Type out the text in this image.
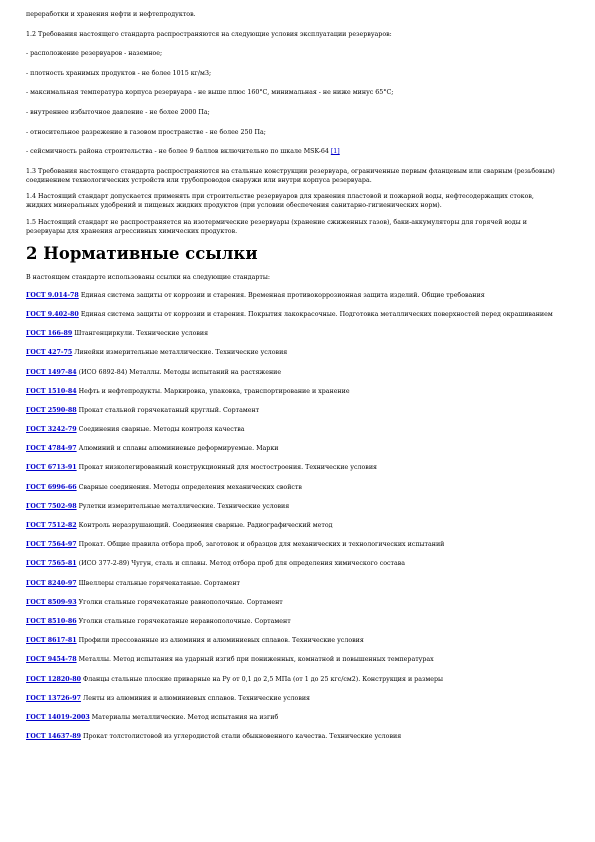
переработки и хранения нефти и нефтепродуктов.

1.2 Требования настоящего стандарта распространяются на следующие условия эксплуатации резервуаров:

- расположение резервуаров - наземное;

- плотность хранимых продуктов - не более 1015 кг/м3;

- максимальная температура корпуса резервуара - не выше плюс 160°С, минимальная - не ниже минус 65°С;

- внутреннее избыточное давление - не более 2000 Па;

- относительное разрежение в газовом пространстве - не более 250 Па;

- сейсмичность района строительства - не более 9 баллов включительно по шкале MSK-64 [1]

1.3 Требования настоящего стандарта распространяются на стальные конструкции резервуара, ограниченные первым фланцевым или сварным (резьбовым) соединением технологических устройств или трубопроводов снаружи или внутри корпуса резервуара.

1.4 Настоящий стандарт допускается применять при строительстве резервуаров для хранения пластовой и пожарной воды, нефтесодержащих стоков, жидких минеральных удобрений и пищевых жидких продуктов (при условии обеспечения санитарно-гигиенических норм).

1.5 Настоящий стандарт не распространяется на изотермические резервуары (хранение сжиженных газов), баки-аккумуляторы для горячей воды и резервуары для хранения агрессивных химических продуктов.

2 Нормативные ссылки

В настоящем стандарте использованы ссылки на следующие стандарты:

ГОСТ 9.014-78 Единая система защиты от коррозии и старения. Временная противокоррозионная защита изделий. Общие требования

ГОСТ 9.402-80 Единая система защиты от коррозии и старения. Покрытия лакокрасочные. Подготовка металлических поверхностей перед окрашиванием

ГОСТ 166-89 Штангенциркули. Технические условия

ГОСТ 427-75 Линейки измерительные металлические. Технические условия

ГОСТ 1497-84 (ИСО 6892-84) Металлы. Методы испытаний на растяжение

ГОСТ 1510-84 Нефть и нефтепродукты. Маркировка, упаковка, транспортирование и хранение

ГОСТ 2590-88 Прокат стальной горячекатаный круглый. Сортамент

ГОСТ 3242-79 Соединения сварные. Методы контроля качества

ГОСТ 4784-97 Алюминий и сплавы алюминиевые деформируемые. Марки

ГОСТ 6713-91 Прокат низколегированный конструкционный для мостостроения. Технические условия

ГОСТ 6996-66 Сварные соединения. Методы определения механических свойств

ГОСТ 7502-98 Рулетки измерительные металлические. Технические условия

ГОСТ 7512-82 Контроль неразрушающий. Соединения сварные. Радиографический метод

ГОСТ 7564-97 Прокат. Общие правила отбора проб, заготовок и образцов для механических и технологических испытаний

ГОСТ 7565-81 (ИСО 377-2-89) Чугун, сталь и сплавы. Метод отбора проб для определения химического состава

ГОСТ 8240-97 Швеллеры стальные горячекатаные. Сортамент

ГОСТ 8509-93 Уголки стальные горячекатаные равнополочные. Сортамент

ГОСТ 8510-86 Уголки стальные горячекатаные неравнополочные. Сортамент

ГОСТ 8617-81 Профили прессованные из алюминия и алюминиевых сплавов. Технические условия

ГОСТ 9454-78 Металлы. Метод испытания на ударный изгиб при пониженных, комнатной и повышенных температурах

ГОСТ 12820-80 Фланцы стальные плоские приварные на Ру от 0,1 до 2,5 МПа (от 1 до 25 кгс/см2). Конструкция и размеры

ГОСТ 13726-97 Ленты из алюминия и алюминиевых сплавов. Технические условия

ГОСТ 14019-2003 Материалы металлические. Метод испытания на изгиб

ГОСТ 14637-89 Прокат толстолистовой из углеродистой стали обыкновенного качества. Технические условия
